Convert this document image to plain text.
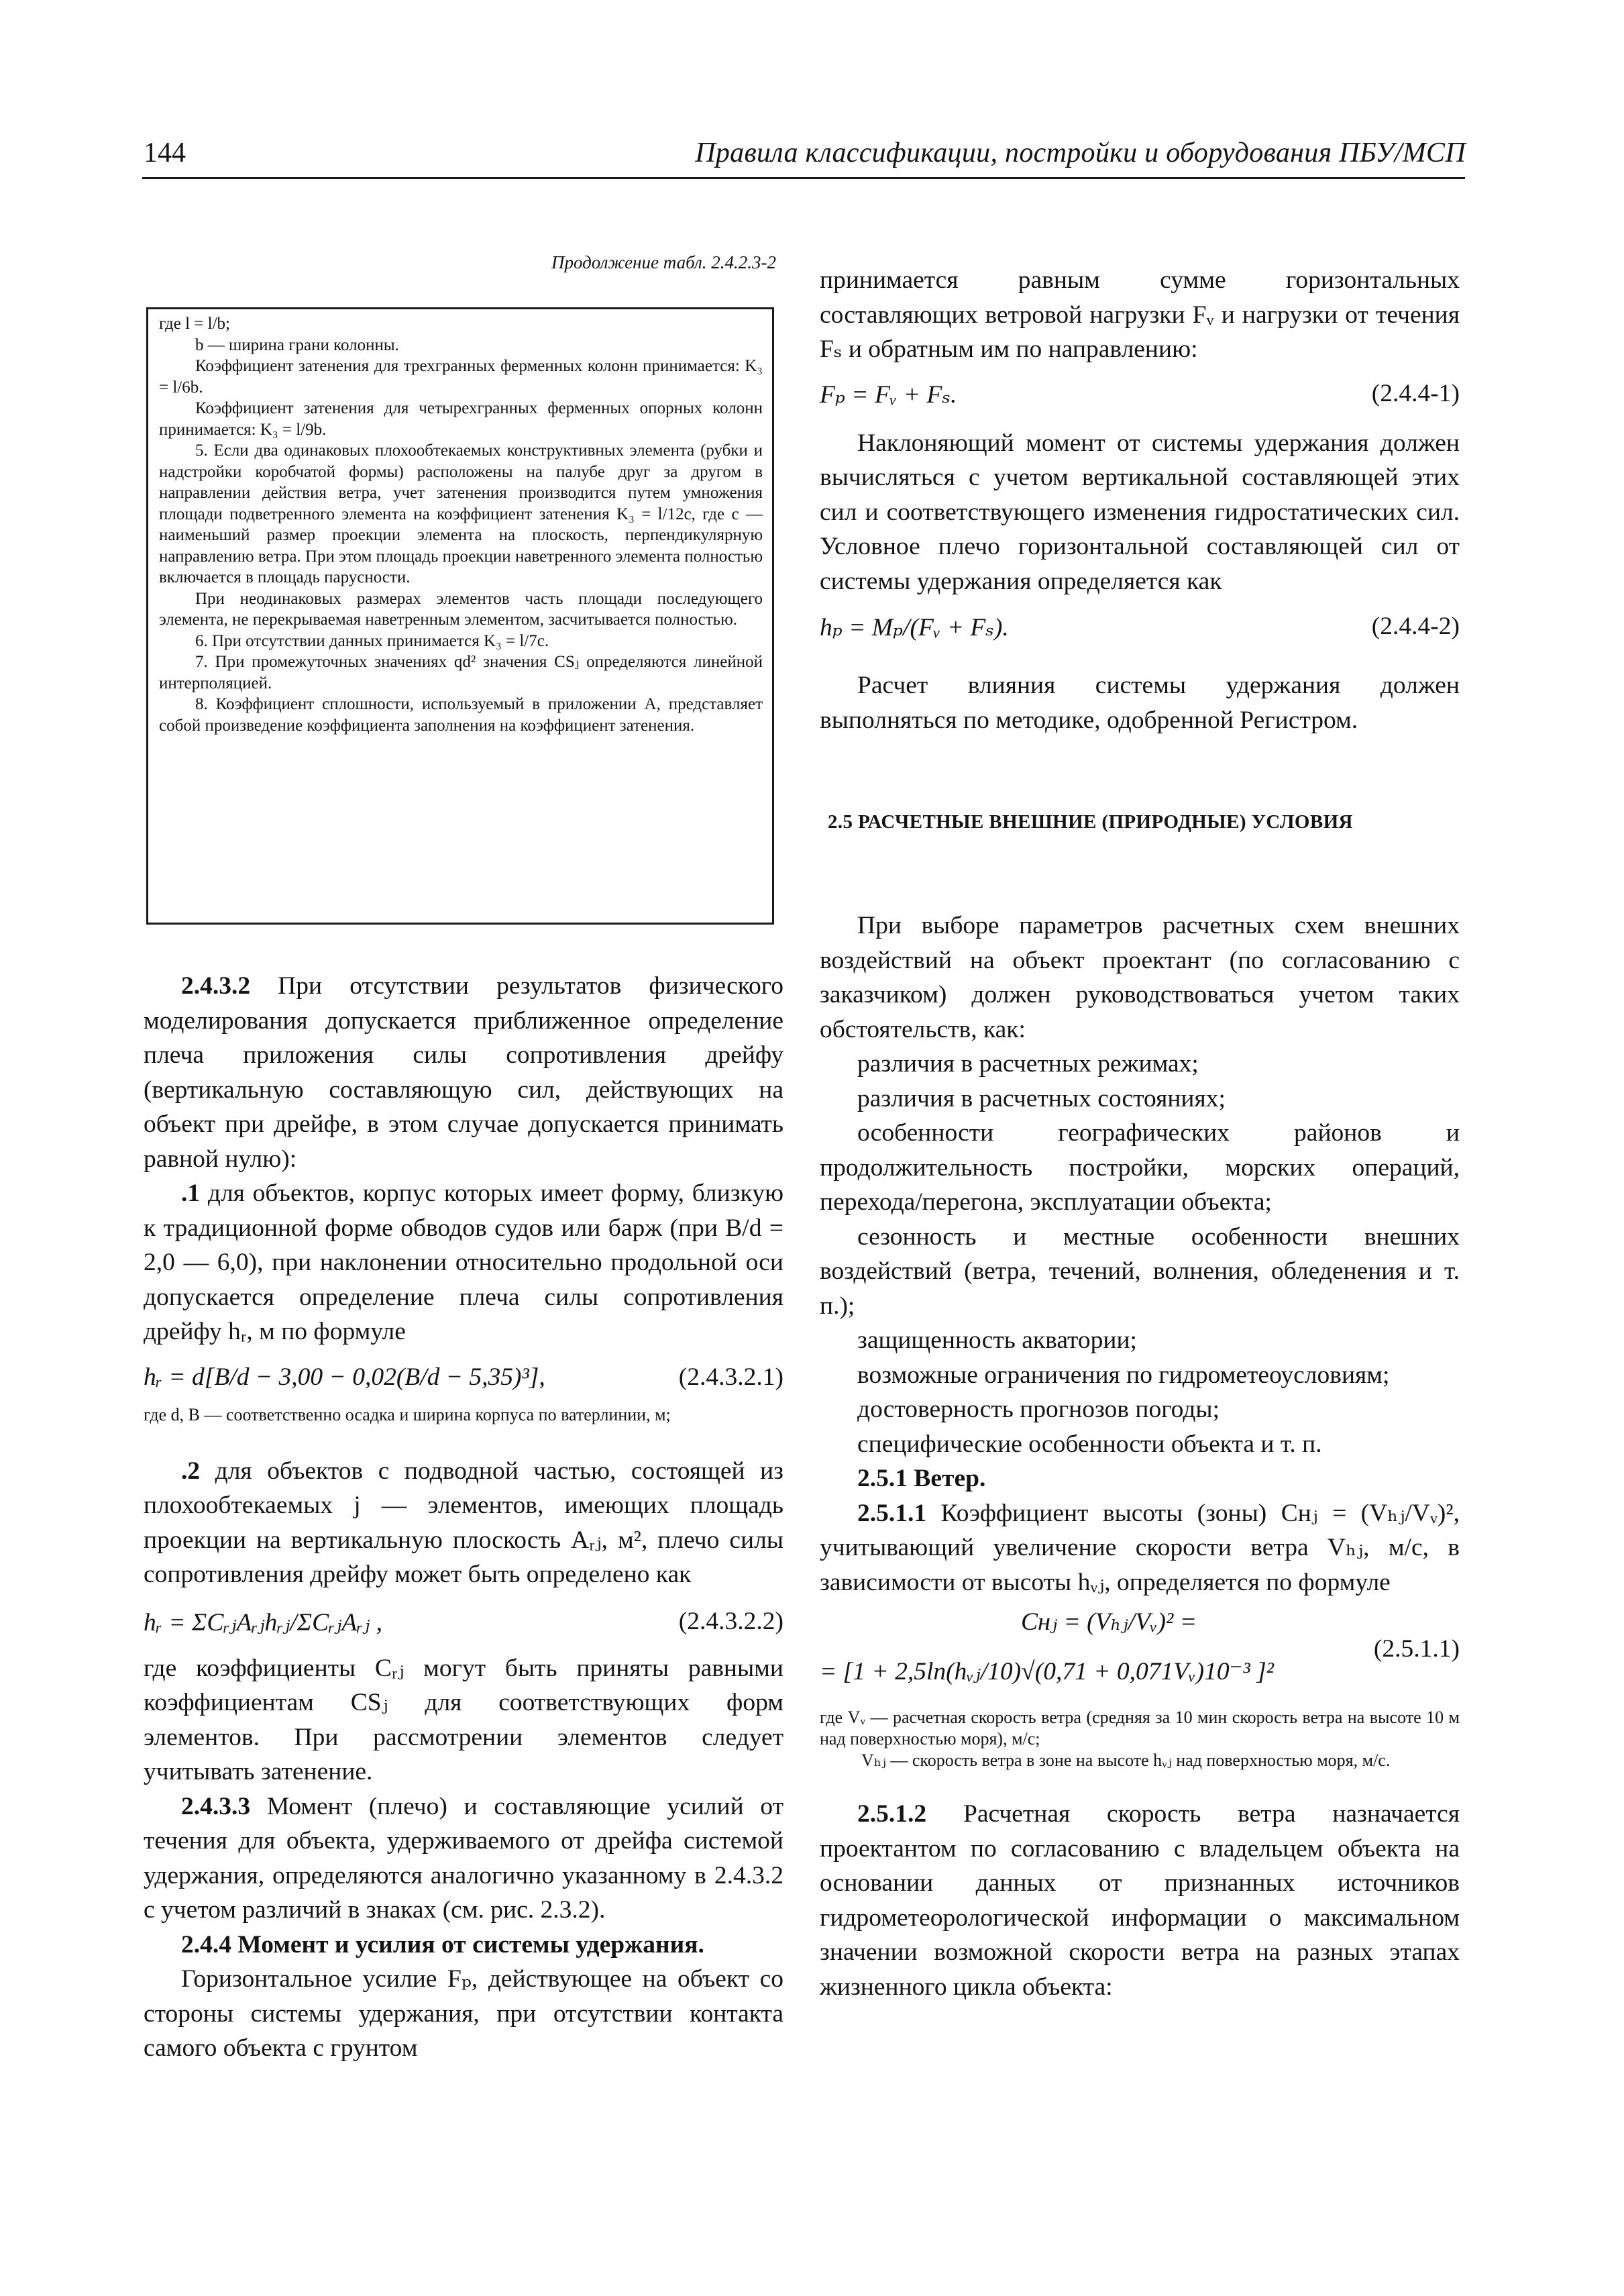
144	Правила классификации, постройки и оборудования ПБУ/МСП
Продолжение табл. 2.4.2.3-2

где l = l/b;

b — ширина грани колонны.

Коэффициент затенения для трехгранных ферменных колонн принимается: K₃ = l/6b.

Коэффициент затенения для четырехгранных ферменных опорных колонн принимается: K₃ = l/9b.

5. Если два одинаковых плохообтекаемых конструктивных элемента (рубки и надстройки коробчатой формы) расположены на палубе друг за другом в направлении действия ветра, учет затенения производится путем умножения площади подветренного элемента на коэффициент затенения K₃ = l/12c, где c — наименьший размер проекции элемента на плоскость, перпендикулярную направлению ветра. При этом площадь проекции наветренного элемента полностью включается в площадь парусности.

При неодинаковых размерах элементов часть площади последующего элемента, не перекрываемая наветренным элементом, засчитывается полностью.

6. При отсутствии данных принимается K₃ = l/7c.

7. При промежуточных значениях qd² значения CSⱼ определяются линейной интерполяцией.

8. Коэффициент сплошности, используемый в приложении A, представляет собой произведение коэффициента заполнения на коэффициент затенения.

2.4.3.2 При отсутствии результатов физического моделирования допускается приближенное определение плеча приложения силы сопротивления дрейфу (вертикальную составляющую сил, действующих на объект при дрейфе, в этом случае допускается принимать равной нулю):

.1 для объектов, корпус которых имеет форму, близкую к традиционной форме обводов судов или барж (при B/d = 2,0 — 6,0), при наклонении относительно продольной оси допускается определение плеча силы сопротивления дрейфу hᵣ, м по формуле

hᵣ = d[B/d − 3,00 − 0,02(B/d − 5,35)³],	(2.4.3.2.1)

где d, B — соответственно осадка и ширина корпуса по ватерлинии, м;

.2 для объектов с подводной частью, состоящей из плохообтекаемых j — элементов, имеющих площадь проекции на вертикальную плоскость Aᵣⱼ, м², плечо силы сопротивления дрейфу может быть определено как

hᵣ = ΣCᵣⱼAᵣⱼhᵣⱼ/ΣCᵣⱼAᵣⱼ ,	(2.4.3.2.2)

где коэффициенты Cᵣⱼ могут быть приняты равными коэффициентам CSⱼ для соответствующих форм элементов. При рассмотрении элементов следует учитывать затенение.

2.4.3.3 Момент (плечо) и составляющие усилий от течения для объекта, удерживаемого от дрейфа системой удержания, определяются аналогично указанному в 2.4.3.2 с учетом различий в знаках (см. рис. 2.3.2).

2.4.4 Момент и усилия от системы удержания.

Горизонтальное усилие Fₚ, действующее на объект со стороны системы удержания, при отсутствии контакта самого объекта с грунтом

принимается равным сумме горизонтальных составляющих ветровой нагрузки Fᵥ и нагрузки от течения Fₛ и обратным им по направлению:

Fₚ = Fᵥ + Fₛ.	(2.4.4-1)

Наклоняющий момент от системы удержания должен вычисляться с учетом вертикальной составляющей этих сил и соответствующего изменения гидростатических сил. Условное плечо горизонтальной составляющей сил от системы удержания определяется как

hₚ = Mₚ/(Fᵥ + Fₛ).	(2.4.4-2)

Расчет влияния системы удержания должен выполняться по методике, одобренной Регистром.

2.5 РАСЧЕТНЫЕ ВНЕШНИЕ (ПРИРОДНЫЕ) УСЛОВИЯ

При выборе параметров расчетных схем внешних воздействий на объект проектант (по согласованию с заказчиком) должен руководствоваться учетом таких обстоятельств, как:

различия в расчетных режимах;

различия в расчетных состояниях;

особенности географических районов и продолжительность постройки, морских операций, перехода/перегона, эксплуатации объекта;

сезонность и местные особенности внешних воздействий (ветра, течений, волнения, обледенения и т. п.);

защищенность акватории;

возможные ограничения по гидрометеоусловиям;

достоверность прогнозов погоды;

специфические особенности объекта и т. п.

2.5.1 Ветер.

2.5.1.1 Коэффициент высоты (зоны) Cʜⱼ = (Vₕⱼ/Vᵥ)², учитывающий увеличение скорости ветра Vₕⱼ, м/с, в зависимости от высоты hᵥⱼ, определяется по формуле

Cʜⱼ = (Vₕⱼ/Vᵥ)² =
= [1 + 2,5ln(hᵥⱼ/10)√(0,71 + 0,071Vᵥ)10⁻³ ]²
(2.5.1.1)

где Vᵥ — расчетная скорость ветра (средняя за 10 мин скорость ветра на высоте 10 м над поверхностью моря), м/с;

Vₕⱼ — скорость ветра в зоне на высоте hᵥⱼ над поверхностью моря, м/с.

2.5.1.2 Расчетная скорость ветра назначается проектантом по согласованию с владельцем объекта на основании данных от признанных источников гидрометеорологической информации о максимальном значении возможной скорости ветра на разных этапах жизненного цикла объекта:
